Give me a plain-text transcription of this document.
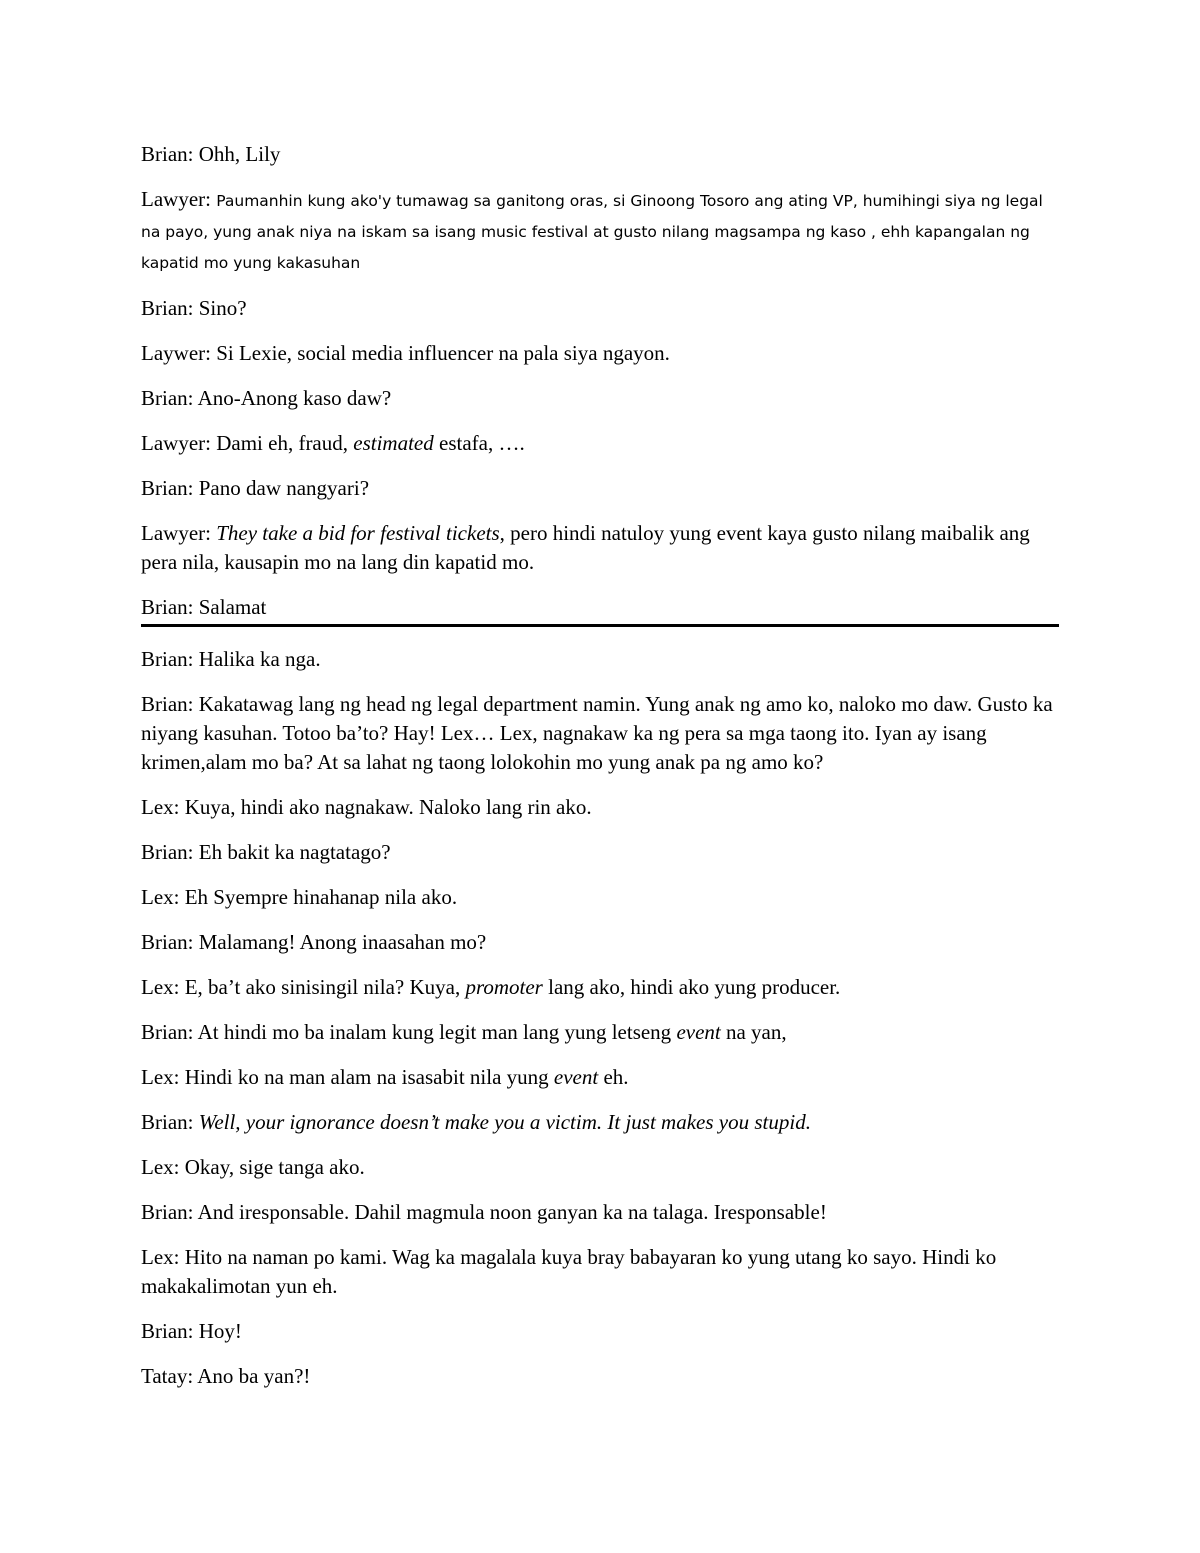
Brian: Ohh, Lily

Lawyer: Paumanhin kung ako'y tumawag sa ganitong oras, si Ginoong Tosoro ang ating VP, humihingi siya ng legal na payo, yung anak niya na iskam sa isang music festival at gusto nilang magsampa ng kaso , ehh kapangalan ng kapatid mo yung kakasuhan

Brian: Sino?

Laywer: Si Lexie, social media influencer na pala siya ngayon.

Brian: Ano-Anong kaso daw?

Lawyer: Dami eh, fraud, estimated estafa, ….

Brian: Pano daw nangyari?

Lawyer: They take a bid for festival tickets, pero hindi natuloy yung event kaya gusto nilang maibalik ang pera nila, kausapin mo na lang din kapatid mo.

Brian: Salamat

Brian: Halika ka nga.

Brian: Kakatawag lang ng head ng legal department namin. Yung anak ng amo ko, naloko mo daw. Gusto ka niyang kasuhan. Totoo ba’to? Hay! Lex… Lex, nagnakaw ka ng pera sa mga taong ito. Iyan ay isang krimen,alam mo ba? At sa lahat ng taong lolokohin mo yung anak pa ng amo ko?

Lex: Kuya, hindi ako nagnakaw. Naloko lang rin ako.

Brian: Eh bakit ka nagtatago?

Lex: Eh Syempre hinahanap nila ako.

Brian: Malamang! Anong inaasahan mo?

Lex: E, ba’t ako sinisingil nila? Kuya, promoter lang ako, hindi ako yung producer.

Brian: At hindi mo ba inalam kung legit man lang yung letseng event na yan,

Lex: Hindi ko na man alam na isasabit nila yung event eh.

Brian: Well, your ignorance doesn’t make you a victim. It just makes you stupid.

Lex: Okay, sige tanga ako.

Brian: And iresponsable. Dahil magmula noon ganyan ka na talaga. Iresponsable!

Lex: Hito na naman po kami. Wag ka magalala kuya bray babayaran ko yung utang ko sayo. Hindi ko makakalimotan yun eh.

Brian: Hoy!

Tatay: Ano ba yan?!
